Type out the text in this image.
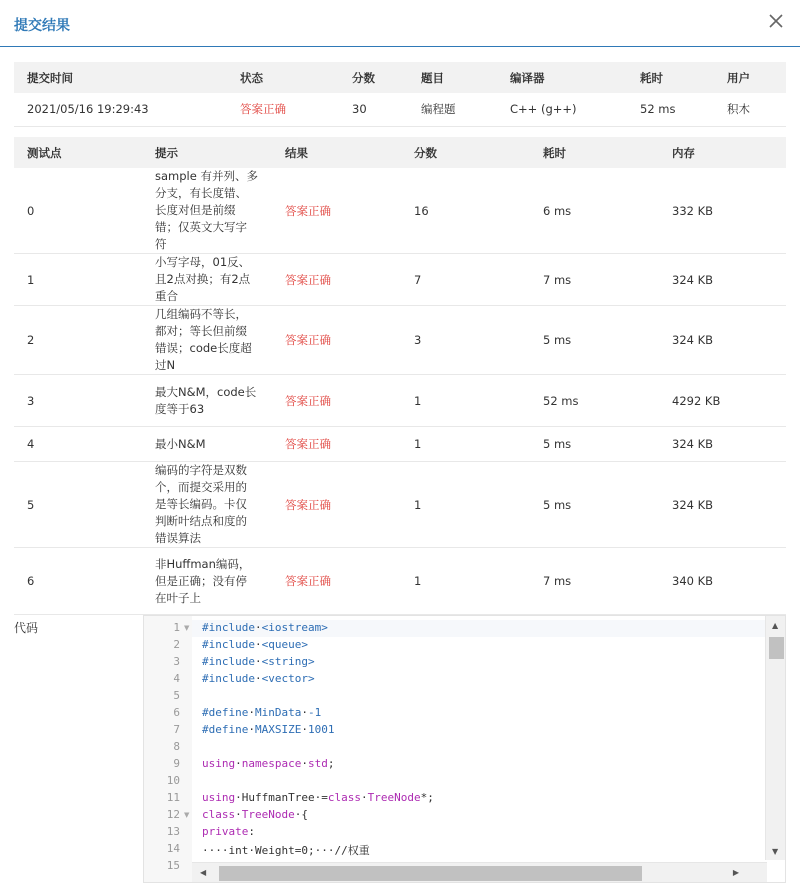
提交结果
提交时间	状态	分数	题目	编译器	耗时	用户
2021/05/16 19:29:43	答案正确	30	编程题	C++ (g++)	52 ms	积木
测试点	提示	结果	分数	耗时	内存
0	sample 有并列、多分支，有长度错、长度对但是前缀错；仅英文大写字符	答案正确	16	6 ms	332 KB
1	小写字母，01反、且2点对换；有2点重合	答案正确	7	7 ms	324 KB
2	几组编码不等长，都对；等长但前缀错误；code长度超过N	答案正确	3	5 ms	324 KB
3	最大N&M，code长度等于63	答案正确	1	52 ms	4292 KB
4	最小N&M	答案正确	1	5 ms	324 KB
5	编码的字符是双数个，而提交采用的是等长编码。卡仅判断叶结点和度的错误算法	答案正确	1	5 ms	324 KB
6	非Huffman编码，但是正确；没有停在叶子上	答案正确	1	7 ms	340 KB
代码	1 ▼
2
3
4
5
6
7
8
9
10
11
12 ▼
13
14
15
#include·<iostream>
#include·<queue>
#include·<string>
#include·<vector>
#define·MinData·-1
#define·MAXSIZE·1001
using·namespace·std;
using·HuffmanTree·=class·TreeNode*;
class·TreeNode·{
private:
····int·Weight=0;···//权重
▲
▼
◀	▶
